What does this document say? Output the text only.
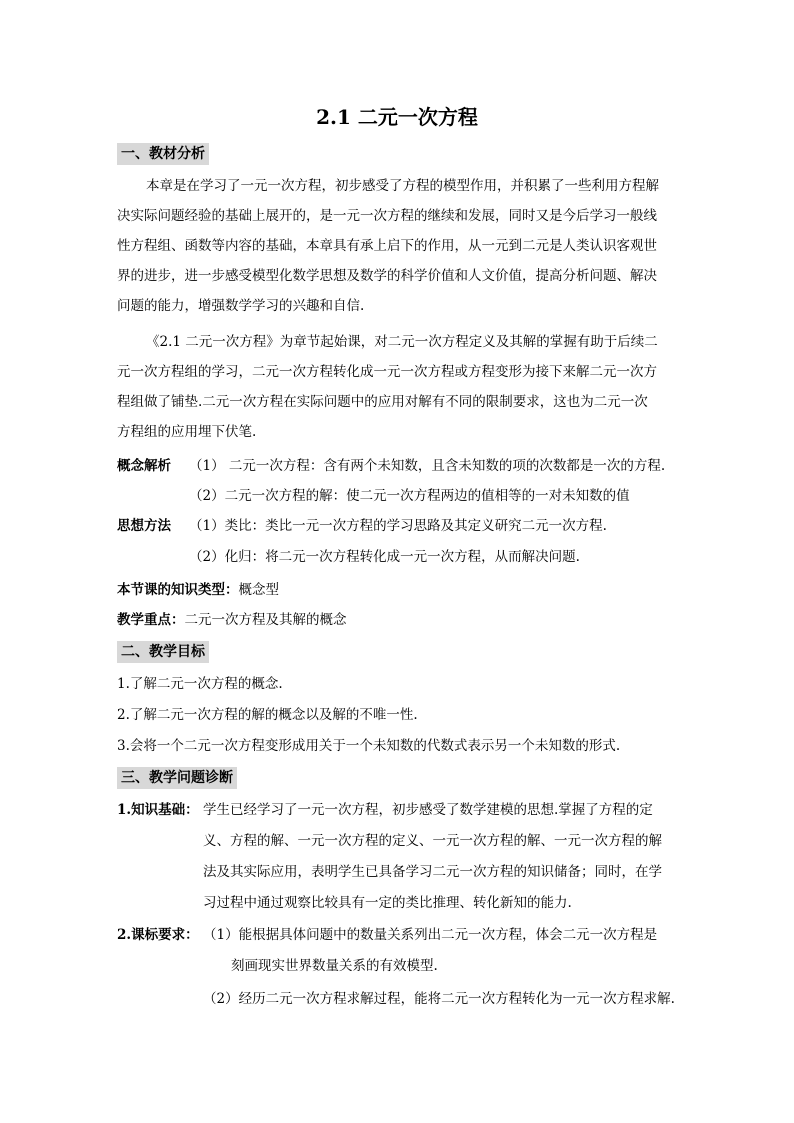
2.1 二元一次方程
一、教材分析
本章是在学习了一元一次方程，初步感受了方程的模型作用，并积累了一些利用方程解
决实际问题经验的基础上展开的，是一元一次方程的继续和发展，同时又是今后学习一般线
性方程组、函数等内容的基础，本章具有承上启下的作用，从一元到二元是人类认识客观世
界的进步，进一步感受模型化数学思想及数学的科学价值和人文价值，提高分析问题、解决
问题的能力，增强数学学习的兴趣和自信.
《2.1 二元一次方程》为章节起始课，对二元一次方程定义及其解的掌握有助于后续二
元一次方程组的学习，二元一次方程转化成一元一次方程或方程变形为接下来解二元一次方
程组做了铺垫.二元一次方程在实际问题中的应用对解有不同的限制要求，这也为二元一次
方程组的应用埋下伏笔.
概念解析 （1） 二元一次方程：含有两个未知数，且含未知数的项的次数都是一次的方程.
（2）二元一次方程的解：使二元一次方程两边的值相等的一对未知数的值
思想方法 （1）类比：类比一元一次方程的学习思路及其定义研究二元一次方程.
（2）化归：将二元一次方程转化成一元一次方程，从而解决问题.
本节课的知识类型：概念型
教学重点：二元一次方程及其解的概念
二、教学目标
1.了解二元一次方程的概念.
2.了解二元一次方程的解的概念以及解的不唯一性.
3.会将一个二元一次方程变形成用关于一个未知数的代数式表示另一个未知数的形式.
三、教学问题诊断
1.知识基础： 学生已经学习了一元一次方程，初步感受了数学建模的思想.掌握了方程的定
义、方程的解、一元一次方程的定义、一元一次方程的解、一元一次方程的解
法及其实际应用，表明学生已具备学习二元一次方程的知识储备；同时，在学
习过程中通过观察比较具有一定的类比推理、转化新知的能力.
2.课标要求： （1）能根据具体问题中的数量关系列出二元一次方程，体会二元一次方程是
刻画现实世界数量关系的有效模型.
（2）经历二元一次方程求解过程，能将二元一次方程转化为一元一次方程求解.
